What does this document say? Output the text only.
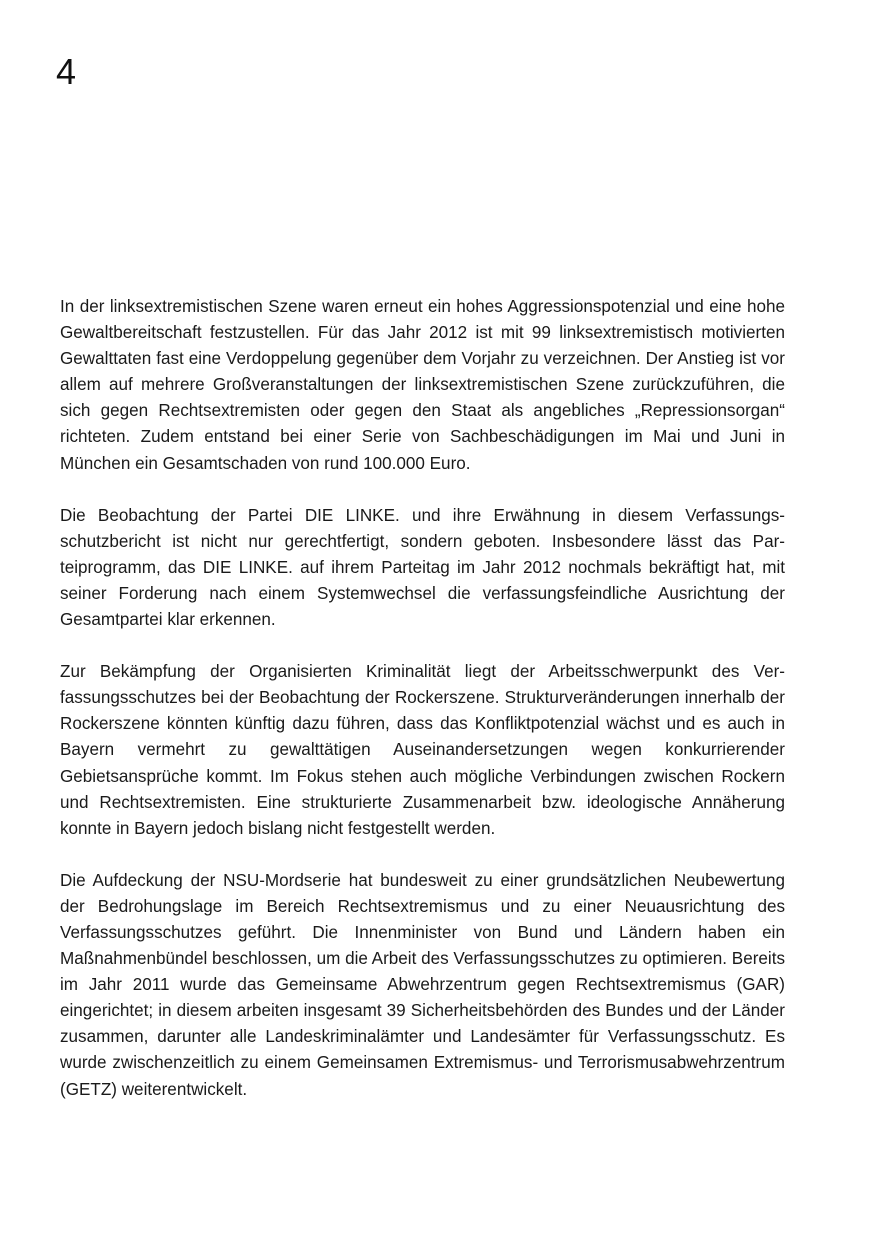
4

In der linksextremistischen Szene waren erneut ein hohes Aggressionspotenzial und eine hohe Gewaltbereitschaft festzustellen. Für das Jahr 2012 ist mit 99 linksextremistisch motivierten Gewalttaten fast eine Verdoppelung gegenüber dem Vorjahr zu verzeichnen. Der Anstieg ist vor allem auf mehrere Großveranstaltungen der linksextremistischen Szene zurückzuführen, die sich gegen Rechtsextremisten oder gegen den Staat als angebliches „Repressionsorgan“ richteten. Zudem entstand bei einer Serie von Sachbeschädigungen im Mai und Juni in München ein Gesamtschaden von rund 100.000 Euro.

Die Beobachtung der Partei DIE LINKE. und ihre Erwähnung in diesem Verfassungsschutzbericht ist nicht nur gerechtfertigt, sondern geboten. Insbesondere lässt das Parteiprogramm, das DIE LINKE. auf ihrem Parteitag im Jahr 2012 nochmals bekräftigt hat, mit seiner Forderung nach einem Systemwechsel die verfassungsfeindliche Ausrichtung der Gesamtpartei klar erkennen.

Zur Bekämpfung der Organisierten Kriminalität liegt der Arbeitsschwerpunkt des Verfassungsschutzes bei der Beobachtung der Rockerszene. Strukturveränderungen innerhalb der Rockerszene könnten künftig dazu führen, dass das Konfliktpotenzial wächst und es auch in Bayern vermehrt zu gewalttätigen Auseinandersetzungen wegen konkurrierender Gebietsansprüche kommt. Im Fokus stehen auch mögliche Verbindungen zwischen Rockern und Rechtsextremisten. Eine strukturierte Zusammenarbeit bzw. ideologische Annäherung konnte in Bayern jedoch bislang nicht festgestellt werden.

Die Aufdeckung der NSU-Mordserie hat bundesweit zu einer grundsätzlichen Neubewertung der Bedrohungslage im Bereich Rechtsextremismus und zu einer Neuausrichtung des Verfassungsschutzes geführt. Die Innenminister von Bund und Ländern haben ein Maßnahmenbündel beschlossen, um die Arbeit des Verfassungsschutzes zu optimieren. Bereits im Jahr 2011 wurde das Gemeinsame Abwehrzentrum gegen Rechtsextremismus (GAR) eingerichtet; in diesem arbeiten insgesamt 39 Sicherheitsbehörden des Bundes und der Länder zusammen, darunter alle Landeskriminalämter und Landesämter für Verfassungsschutz. Es wurde zwischenzeitlich zu einem Gemeinsamen Extremismus- und Terrorismusabwehrzentrum (GETZ) weiterentwickelt.
